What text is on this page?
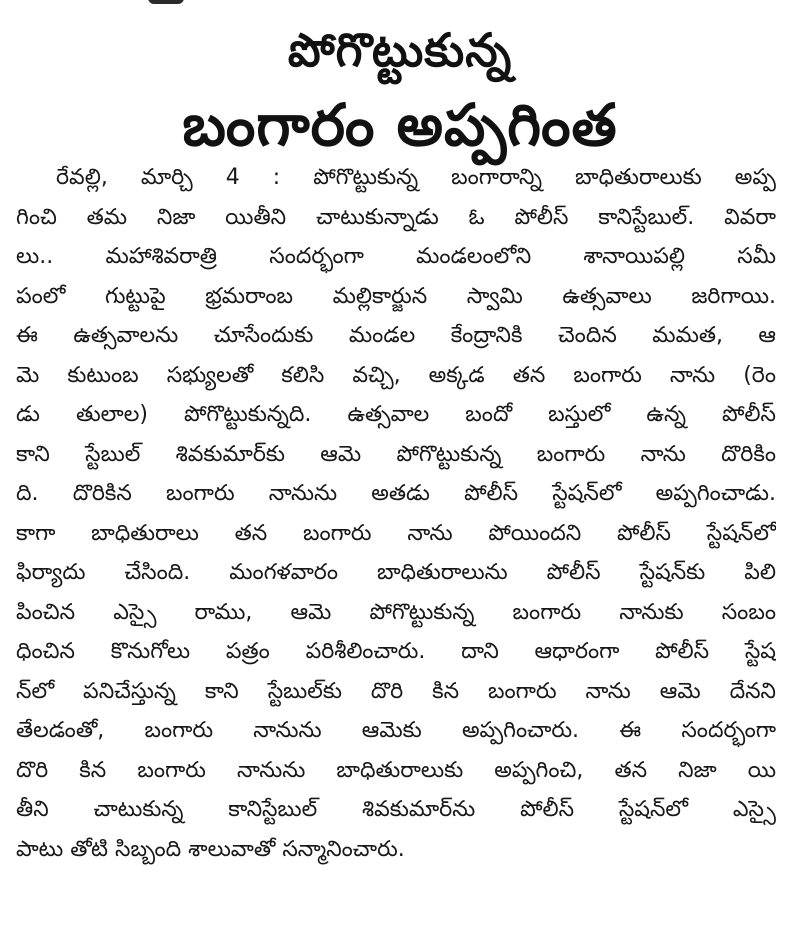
పోగొట్టుకున్న
బంగారం అప్పగింత
రేవల్లి, మార్చి 4 : పోగొట్టుకున్న బంగారాన్ని బాధితురాలుకు అప్ప
గించి తమ నిజా యితీని చాటుకున్నాడు ఓ పోలీస్ కానిస్టేబుల్. వివరా
లు.. మహాశివరాత్రి సందర్భంగా మండలంలోని శానాయిపల్లి సమీ
పంలో గుట్టుపై భ్రమరాంబ మల్లికార్జున స్వామి ఉత్సవాలు జరిగాయి.
ఈ ఉత్సవాలను చూసేందుకు మండల కేంద్రానికి చెందిన మమత, ఆ
మె కుటుంబ సభ్యులతో కలిసి వచ్చి, అక్కడ తన బంగారు నాను (రెం
డు తులాల) పోగొట్టుకున్నది. ఉత్సవాల బందో బస్తులో ఉన్న పోలీస్
కాని స్టేబుల్ శివకుమార్‌కు ఆమె పోగొట్టుకున్న బంగారు నాను దొరికిం
ది. దొరికిన బంగారు నానును అతడు పోలీస్ స్టేషన్‌లో అప్పగించాడు.
కాగా బాధితురాలు తన బంగారు నాను పోయిందని పోలీస్ స్టేషన్‌లో
ఫిర్యాదు చేసింది. మంగళవారం బాధితురాలును పోలీస్ స్టేషన్‌కు పిలి
పించిన ఎస్సై రాము, ఆమె పోగొట్టుకున్న బంగారు నానుకు సంబం
ధించిన కొనుగోలు పత్రం పరిశీలించారు. దాని ఆధారంగా పోలీస్ స్టేష
న్‌లో పనిచేస్తున్న కాని స్టేబుల్‌కు దొరి కిన బంగారు నాను ఆమె దేనని
తేలడంతో, బంగారు నానును ఆమెకు అప్పగించారు. ఈ సందర్భంగా
దొరి కిన బంగారు నానును బాధితురాలుకు అప్పగించి, తన నిజా యి
తీని చాటుకున్న కానిస్టేబుల్ శివకుమార్‌ను పోలీస్ స్టేషన్‌లో ఎస్సై
పాటు తోటి సిబ్బంది శాలువాతో సన్మానించారు.
